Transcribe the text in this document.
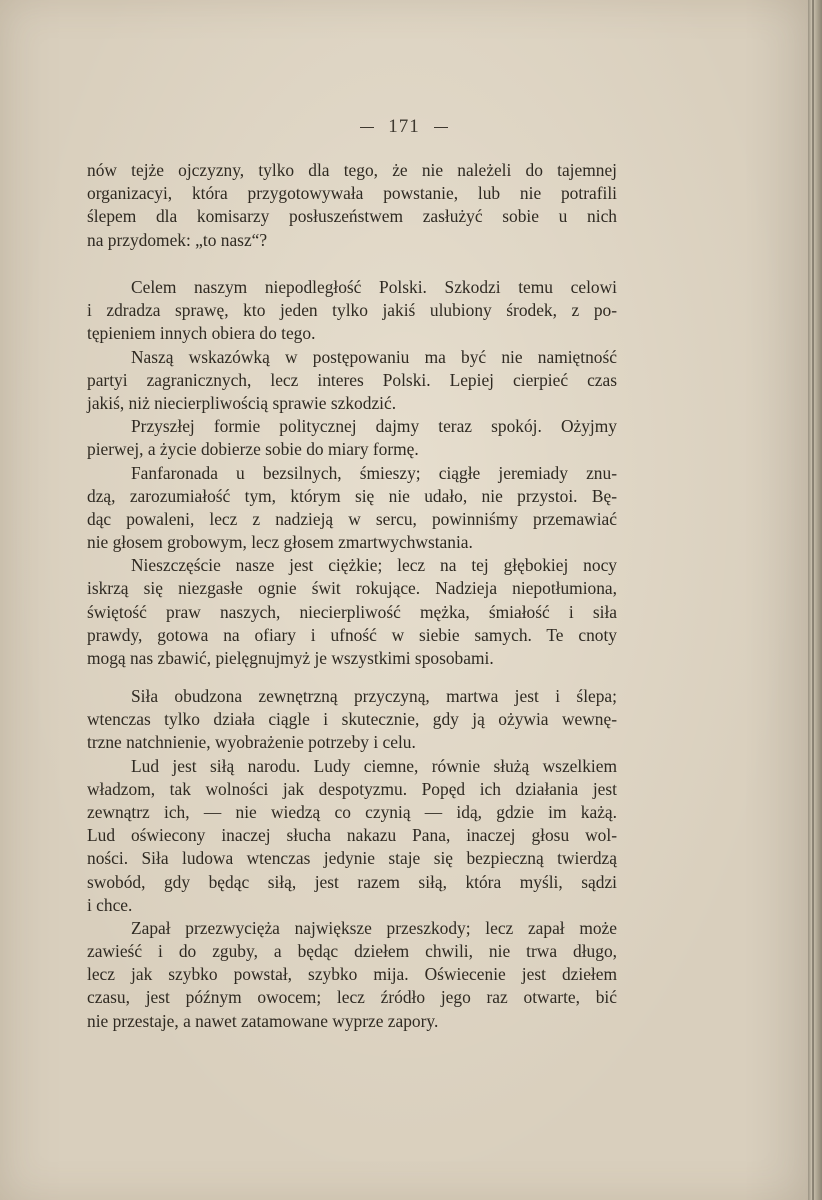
171
nów tejże ojczyzny, tylko dla tego, że nie należeli do tajemnej
organizacyi, która przygotowywała powstanie, lub nie potrafili
ślepem dla komisarzy posłuszeństwem zasłużyć sobie u nich
na przydomek: „to nasz“?
Celem naszym niepodległość Polski. Szkodzi temu celowi
i zdradza sprawę, kto jeden tylko jakiś ulubiony środek, z po-
tępieniem innych obiera do tego.
Naszą wskazówką w postępowaniu ma być nie namiętność
partyi zagranicznych, lecz interes Polski. Lepiej cierpieć czas
jakiś, niż niecierpliwością sprawie szkodzić.
Przyszłej formie politycznej dajmy teraz spokój. Ożyjmy
pierwej, a życie dobierze sobie do miary formę.
Fanfaronada u bezsilnych, śmieszy; ciągłe jeremiady znu-
dzą, zarozumiałość tym, którym się nie udało, nie przystoi. Bę-
dąc powaleni, lecz z nadzieją w sercu, powinniśmy przemawiać
nie głosem grobowym, lecz głosem zmartwychwstania.
Nieszczęście nasze jest ciężkie; lecz na tej głębokiej nocy
iskrzą się niezgasłe ognie świt rokujące. Nadzieja niepotłumiona,
świętość praw naszych, niecierpliwość mężka, śmiałość i siła
prawdy, gotowa na ofiary i ufność w siebie samych. Te cnoty
mogą nas zbawić, pielęgnujmyż je wszystkimi sposobami.
Siła obudzona zewnętrzną przyczyną, martwa jest i ślepa;
wtenczas tylko działa ciągle i skutecznie, gdy ją ożywia wewnę-
trzne natchnienie, wyobrażenie potrzeby i celu.
Lud jest siłą narodu. Ludy ciemne, równie służą wszelkiem
władzom, tak wolności jak despotyzmu. Popęd ich działania jest
zewnątrz ich, — nie wiedzą co czynią — idą, gdzie im każą.
Lud oświecony inaczej słucha nakazu Pana, inaczej głosu wol-
ności. Siła ludowa wtenczas jedynie staje się bezpieczną twierdzą
swobód, gdy będąc siłą, jest razem siłą, która myśli, sądzi
i chce.
Zapał przezwycięża największe przeszkody; lecz zapał może
zawieść i do zguby, a będąc dziełem chwili, nie trwa długo,
lecz jak szybko powstał, szybko mija. Oświecenie jest dziełem
czasu, jest późnym owocem; lecz źródło jego raz otwarte, bić
nie przestaje, a nawet zatamowane wyprze zapory.
